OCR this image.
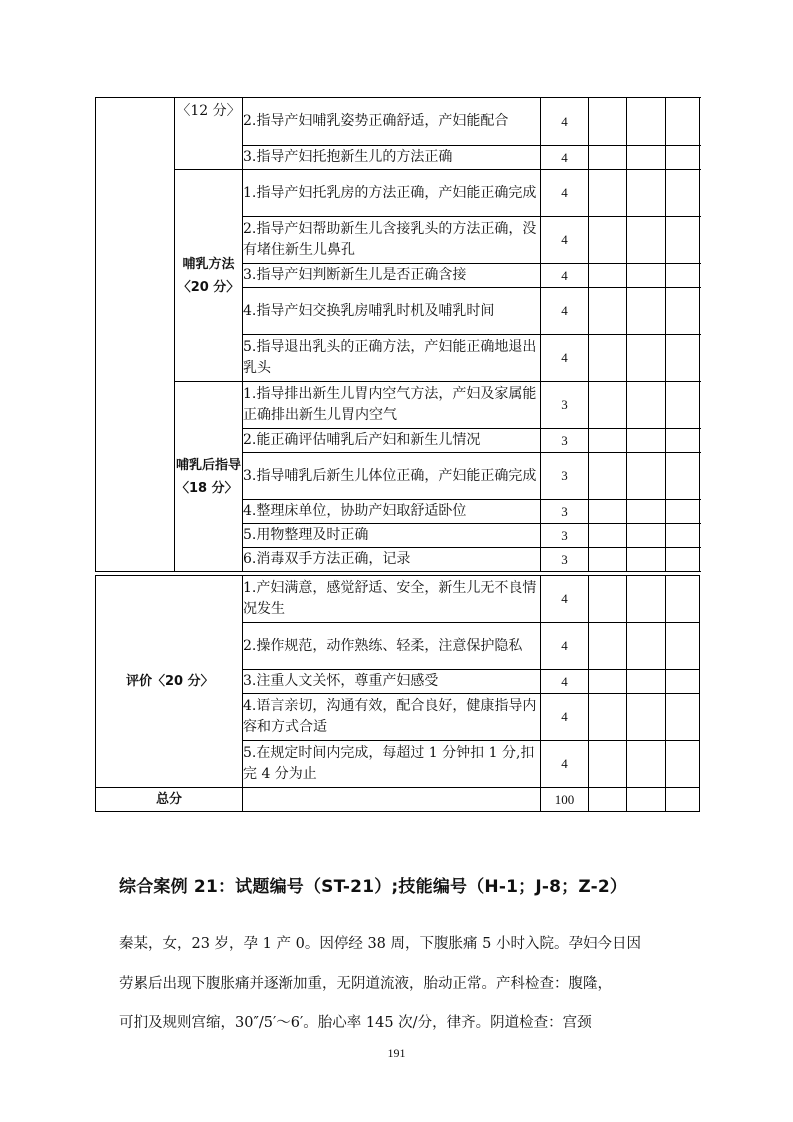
	〈12 分〉	2.指导产妇哺乳姿势正确舒适，产妇能配合	4				
		3.指导产妇托抱新生儿的方法正确	4				

	哺乳方法〈20 分〉	1.指导产妇托乳房的方法正确，产妇能正确完成	4				
		2.指导产妇帮助新生儿含接乳头的方法正确，没有堵住新生儿鼻孔	4				
		3.指导产妇判断新生儿是否正确含接	4				
		4.指导产妇交换乳房哺乳时机及哺乳时间	4				
		5.指导退出乳头的正确方法，产妇能正确地退出乳头	4				

	哺乳后指导〈18 分〉	1.指导排出新生儿胃内空气方法，产妇及家属能正确排出新生儿胃内空气	3				
		2.能正确评估哺乳后产妇和新生儿情况	3				
		3.指导哺乳后新生儿体位正确，产妇能正确完成	3				
		4.整理床单位，协助产妇取舒适卧位	3				
		5.用物整理及时正确	3				
		6.消毒双手方法正确，记录	3				
评价〈20 分〉	1.产妇满意，感觉舒适、安全，新生儿无不良情况发生	4			
	2.操作规范，动作熟练、轻柔，注意保护隐私	4			
	3.注重人文关怀，尊重产妇感受	4			
	4.语言亲切，沟通有效，配合良好，健康指导内容和方式合适	4			
	5.在规定时间内完成，每超过 1 分钟扣 1 分,扣完 4 分为止	4			
总分		100			
综合案例 21：试题编号（ST-21）;技能编号（H-1；J-8；Z-2）
秦某，女，23 岁，孕 1 产 0。因停经 38 周，下腹胀痛 5 小时入院。孕妇今日因
劳累后出现下腹胀痛并逐渐加重，无阴道流液，胎动正常。产科检查：腹隆，
可扪及规则宫缩，30″/5′～6′。胎心率 145 次/分，律齐。阴道检查：宫颈
191
